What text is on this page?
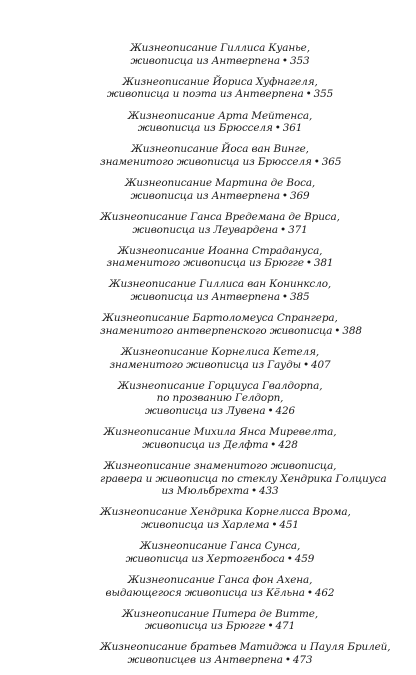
Жизнеописание Гиллиса Куанье,
живописца из Антверпена • 353
Жизнеописание Йориса Хуфнагеля,
живописца и поэта из Антверпена • 355
Жизнеописание Арта Мейтенса,
живописца из Брюсселя • 361
Жизнеописание Йоса ван Винге,
знаменитого живописца из Брюсселя • 365
Жизнеописание Мартина де Воса,
живописца из Антверпена • 369
Жизнеописание Ганса Вредемана де Вриса,
живописца из Леувардена • 371
Жизнеописание Иоанна Страдануса,
знаменитого живописца из Брюгге • 381
Жизнеописание Гиллиса ван Конинксло,
живописца из Антверпена • 385
Жизнеописание Бартоломеуса Спрангера,
знаменитого антверпенского живописца • 388
Жизнеописание Корнелиса Кетеля,
знаменитого живописца из Гауды • 407
Жизнеописание Горциуса Гвалдорпа,
по прозванию Гелдорп,
живописца из Лувена • 426
Жизнеописание Михила Янса Миревелта,
живописца из Делфта • 428
Жизнеописание знаменитого живописца,
гравера и живописца по стеклу Хендрика Голциуса
из Мюльбрехта • 433
Жизнеописание Хендрика Корнелисса Врома,
живописца из Харлема • 451
Жизнеописание Ганса Сунса,
живописца из Хертогенбоса • 459
Жизнеописание Ганса фон Ахена,
выдающегося живописца из Кёльна • 462
Жизнеописание Питера де Витте,
живописца из Брюгге • 471
Жизнеописание братьев Матиджа и Пауля Брилей,
живописцев из Антверпена • 473
